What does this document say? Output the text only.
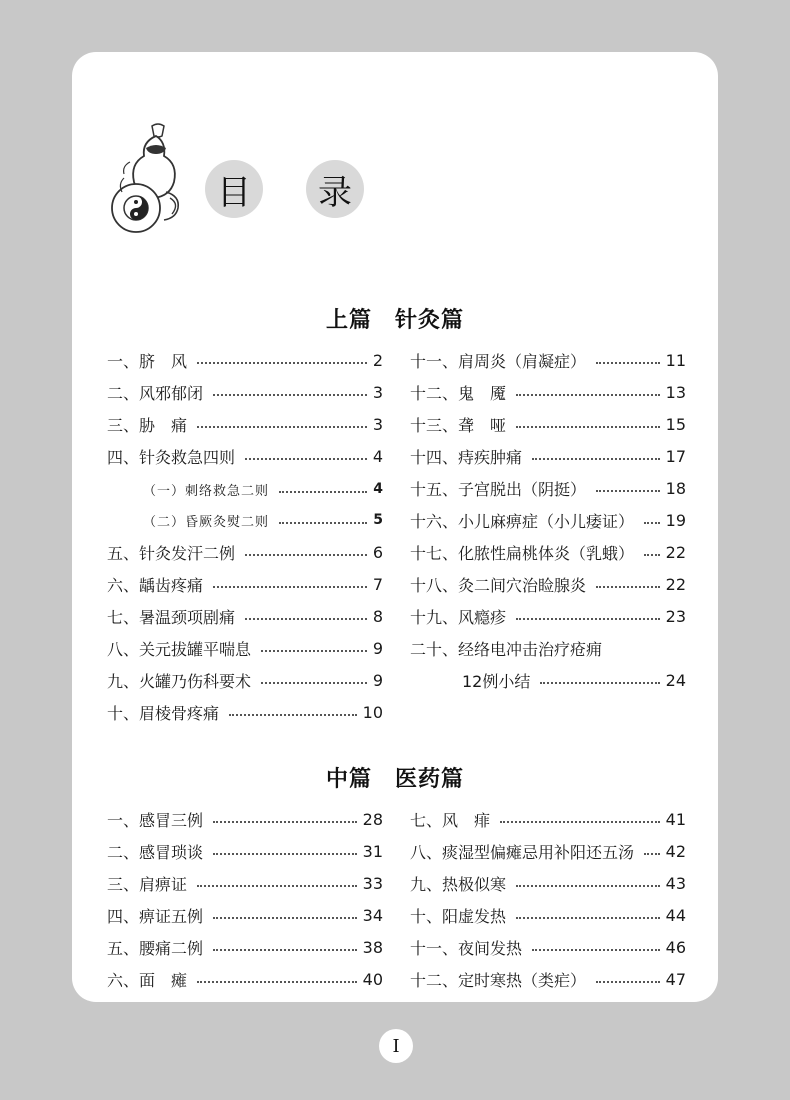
目	录
上篇　针灸篇
一、脐　风	2
二、风邪郁闭	3
三、胁　痛	3
四、针灸救急四则	4
（一）刺络救急二则	4
（二）昏厥灸熨二则	5
五、针灸发汗二例	6
六、龋齿疼痛	7
七、暑温颈项剧痛	8
八、关元拔罐平喘息	9
九、火罐乃伤科要术	9
十、眉棱骨疼痛	10
十一、肩周炎（肩凝症）	11
十二、鬼　魇	13
十三、聋　哑	15
十四、痔疾肿痛	17
十五、子宫脱出（阴挺）	18
十六、小儿麻痹症（小儿痿证） 19
十七、化脓性扁桃体炎（乳蛾） 22
十八、灸二间穴治睑腺炎	22
十九、风瘾疹	23
二十、经络电冲击治疗疮痈
12例小结	24
中篇　医药篇
一、感冒三例	28
二、感冒琐谈	31
三、肩痹证	33
四、痹证五例	34
五、腰痛二例	38
六、面　瘫	40
七、风　痱	41
八、痰湿型偏瘫忌用补阳还五汤 42
九、热极似寒	43
十、阳虚发热	44
十一、夜间发热	46
十二、定时寒热（类疟）	47
I
